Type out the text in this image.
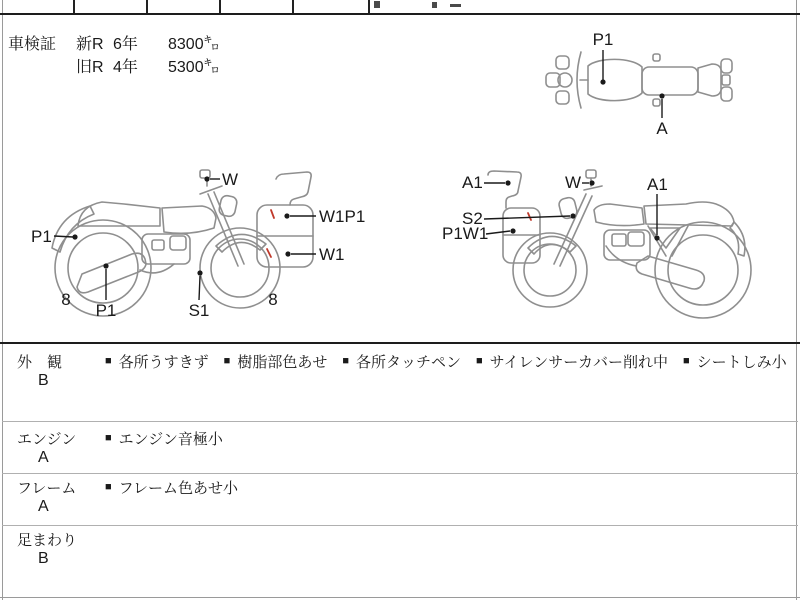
車検証 新R 6年 8300㌔
旧R 4年 5300㌔
P1
A
P1
W
P1	S1
8	8
W1P1
W1
A1	W	A1
S2
P1W1
外　観
B
■ 各所うすきず ■ 樹脂部色あせ ■ 各所タッチペン ■ サイレンサーカバー削れ中 ■ シートしみ小
エンジン
A
■ エンジン音極小
フレーム
A
■ フレーム色あせ小
足まわり
B
